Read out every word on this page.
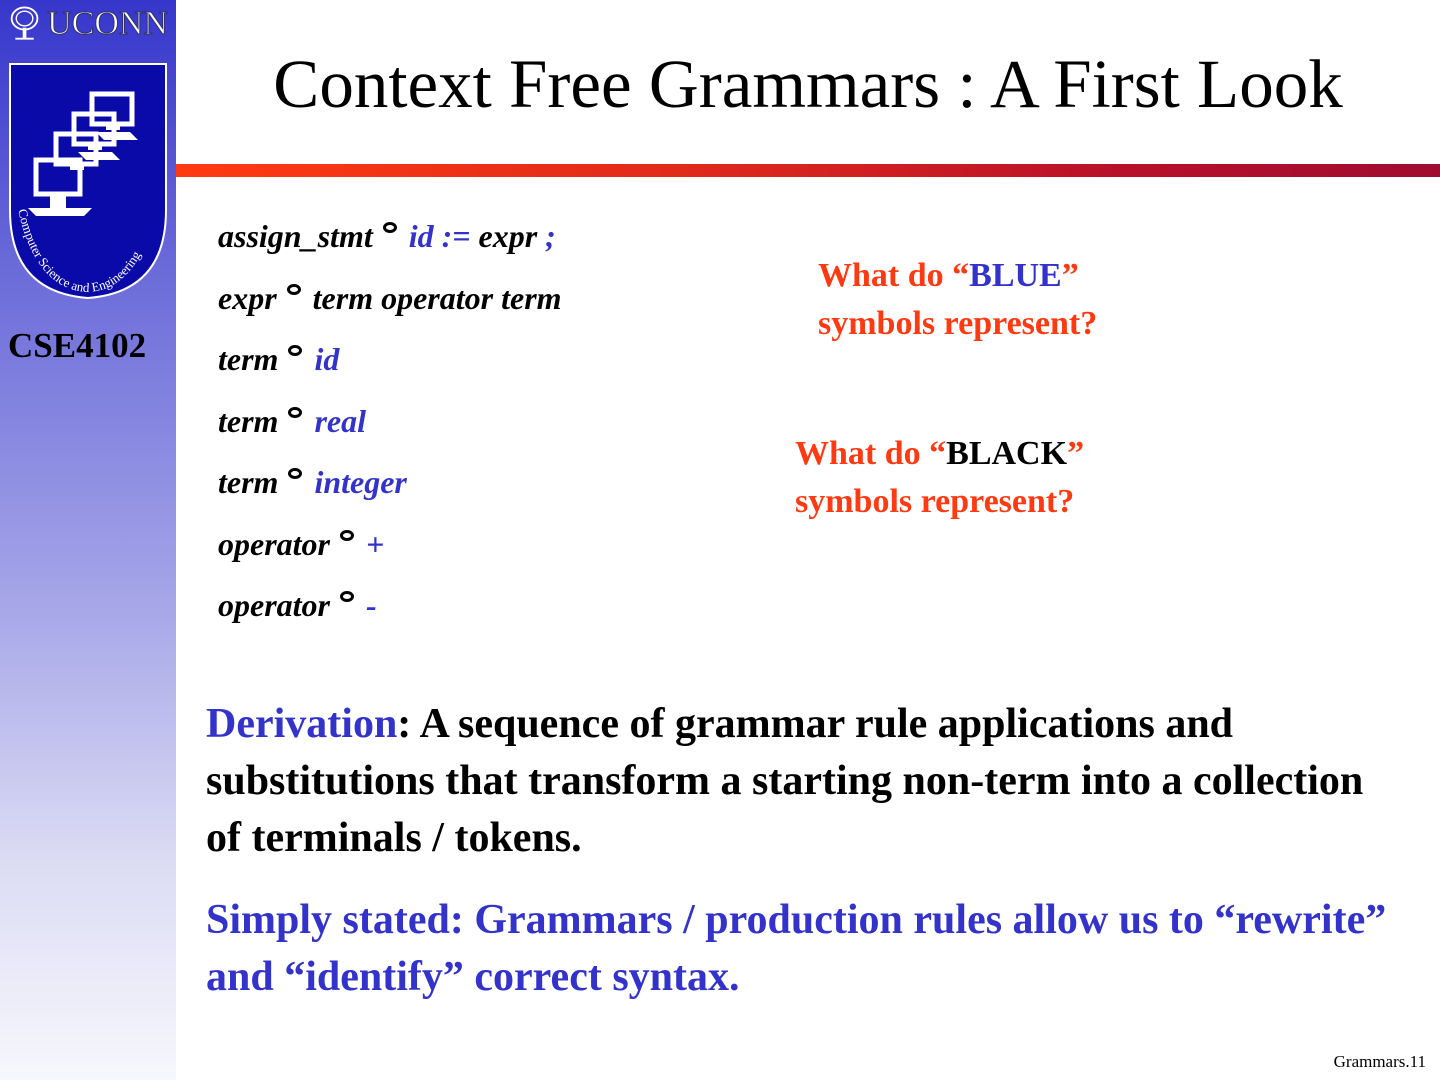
UCONN
Computer Science and Engineering
CSE4102
Context Free Grammars : A First Look
assign_stmt id := expr ;
expr term operator term
term id
term real
term integer
operator +
operator -
What do “BLUE”
symbols represent?
What do “BLACK”
symbols represent?
Derivation: A sequence of grammar rule applications and substitutions that transform a starting non-term into a collection of terminals / tokens.
Simply stated: Grammars / production rules allow us to “rewrite” and “identify” correct syntax.
Grammars.11
